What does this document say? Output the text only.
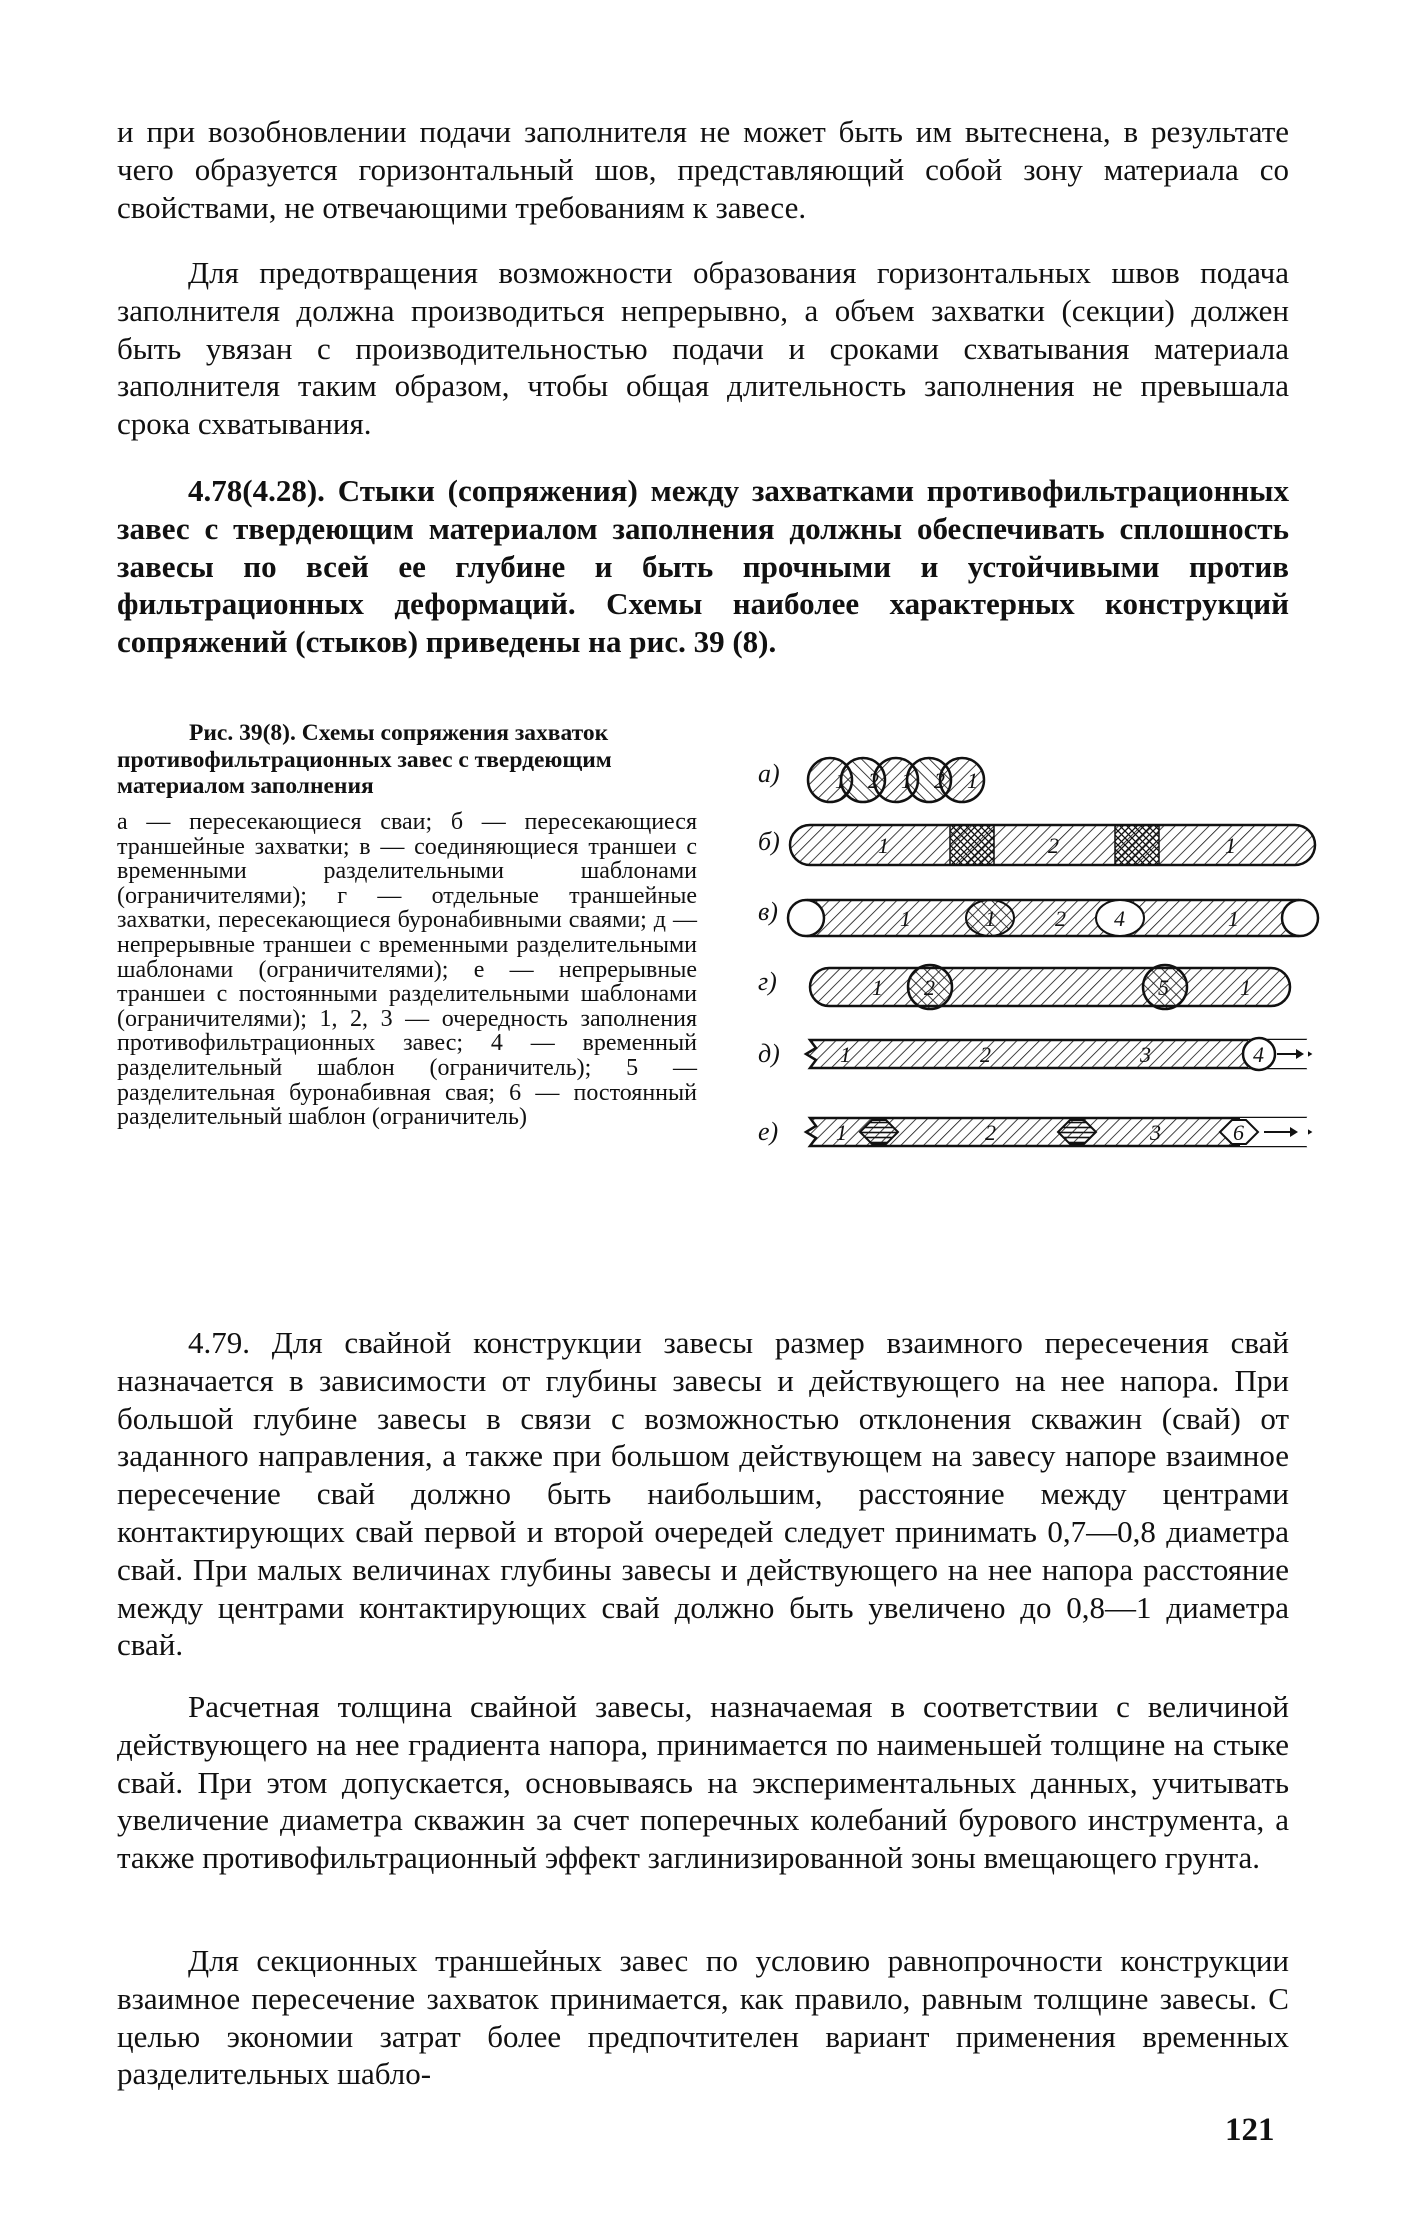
и при возобновлении подачи заполнителя не может быть им вытеснена, в результате чего образуется горизонтальный шов, представляющий собой зону материала со свойствами, не отвечающими требованиям к завесе.

Для предотвращения возможности образования горизонтальных швов подача заполнителя должна производиться непрерывно, а объем захватки (секции) должен быть увязан с производительностью подачи и сроками схватывания материала заполнителя таким образом, чтобы общая длительность заполнения не превышала срока схватывания.

4.78(4.28). Стыки (сопряжения) между захватками противофильтрационных завес с твердеющим материалом заполнения должны обеспечивать сплошность завесы по всей ее глубине и быть прочными и устойчивыми против фильтрационных деформаций. Схемы наиболее характерных конструкций сопряжений (стыков) приведены на рис. 39 (8).

Рис. 39(8). Схемы сопряжения захваток противофильтрационных завес с твердеющим материалом заполнения

а — пересекающиеся сваи; б — пересекающиеся траншейные захватки; в — соединяющиеся траншеи с временными разделительными шаблонами (ограничителями); г — отдельные траншейные захватки, пересекающиеся буронабивными сваями; д — непрерывные траншеи с временными разделительными шаблонами (ограничителями); е — непрерывные траншеи с постоянными разделительными шаблонами (ограничителями); 1, 2, 3 — очередность заполнения противофильтрационных завес; 4 — временный разделительный шаблон (ограничитель); 5 — разделительная буронабивная свая; 6 — постоянный разделительный шаблон (ограничитель)

а)	1 2 1 2 1
б)	1	2	1
в)	1	1	2 4	1
г)	1 2	5	1
д)	1	2	3	4
е)	1	2	3	6

4.79. Для свайной конструкции завесы размер взаимного пересечения свай назначается в зависимости от глубины завесы и действующего на нее напора. При большой глубине завесы в связи с возможностью отклонения скважин (свай) от заданного направления, а также при большом действующем на завесу напоре взаимное пересечение свай должно быть наибольшим, расстояние между центрами контактирующих свай первой и второй очередей следует принимать 0,7—0,8 диаметра свай. При малых величинах глубины завесы и действующего на нее напора расстояние между центрами контактирующих свай должно быть увеличено до 0,8—1 диаметра свай.

Расчетная толщина свайной завесы, назначаемая в соответствии с величиной действующего на нее градиента напора, принимается по наименьшей толщине на стыке свай. При этом допускается, основываясь на экспериментальных данных, учитывать увеличение диаметра скважин за счет поперечных колебаний бурового инструмента, а также противофильтрационный эффект заглинизированной зоны вмещающего грунта.

Для секционных траншейных завес по условию равнопрочности конструкции взаимное пересечение захваток принимается, как правило, равным толщине завесы. С целью экономии затрат более предпочтителен вариант применения временных разделительных шабло-

121
